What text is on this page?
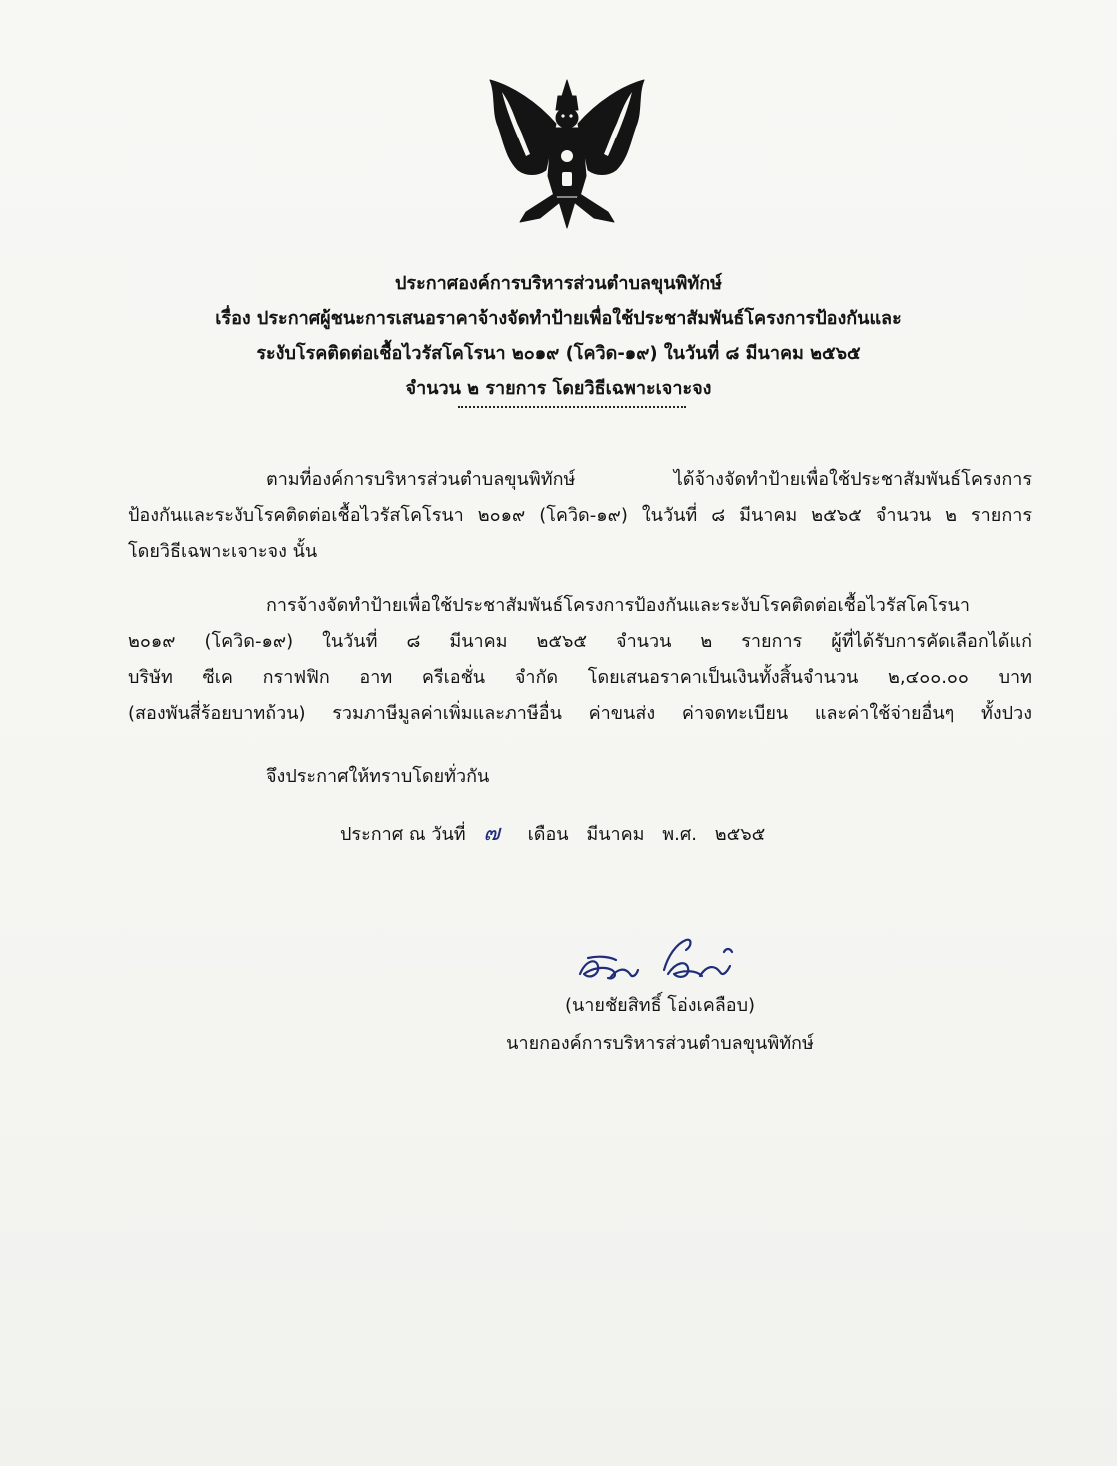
ประกาศองค์การบริหารส่วนตำบลขุนพิทักษ์
เรื่อง ประกาศผู้ชนะการเสนอราคาจ้างจัดทำป้ายเพื่อใช้ประชาสัมพันธ์โครงการป้องกันและ
ระงับโรคติดต่อเชื้อไวรัสโคโรนา ๒๐๑๙ (โควิด-๑๙) ในวันที่ ๘ มีนาคม ๒๕๖๕
จำนวน ๒ รายการ โดยวิธีเฉพาะเจาะจง
ตามที่องค์การบริหารส่วนตำบลขุนพิทักษ์ ได้จ้างจัดทำป้ายเพื่อใช้ประชาสัมพันธ์โครงการ
ป้องกันและระงับโรคติดต่อเชื้อไวรัสโคโรนา ๒๐๑๙ (โควิด-๑๙) ในวันที่ ๘ มีนาคม ๒๕๖๕ จำนวน ๒ รายการ
โดยวิธีเฉพาะเจาะจง นั้น
การจ้างจัดทำป้ายเพื่อใช้ประชาสัมพันธ์โครงการป้องกันและระงับโรคติดต่อเชื้อไวรัสโคโรนา
๒๐๑๙ (โควิด-๑๙) ในวันที่ ๘ มีนาคม ๒๕๖๕ จำนวน ๒ รายการ ผู้ที่ได้รับการคัดเลือกได้แก่
บริษัท ซีเค กราฟฟิก อาท ครีเอชั่น จำกัด โดยเสนอราคาเป็นเงินทั้งสิ้นจำนวน ๒,๔๐๐.๐๐ บาท
(สองพันสี่ร้อยบาทถ้วน) รวมภาษีมูลค่าเพิ่มและภาษีอื่น ค่าขนส่ง ค่าจดทะเบียน และค่าใช้จ่ายอื่นๆ ทั้งปวง
จึงประกาศให้ทราบโดยทั่วกัน
ประกาศ ณ วันที่ ๗ เดือน มีนาคม พ.ศ. ๒๕๖๕
(นายชัยสิทธิ์ โอ่งเคลือบ)
นายกองค์การบริหารส่วนตำบลขุนพิทักษ์
